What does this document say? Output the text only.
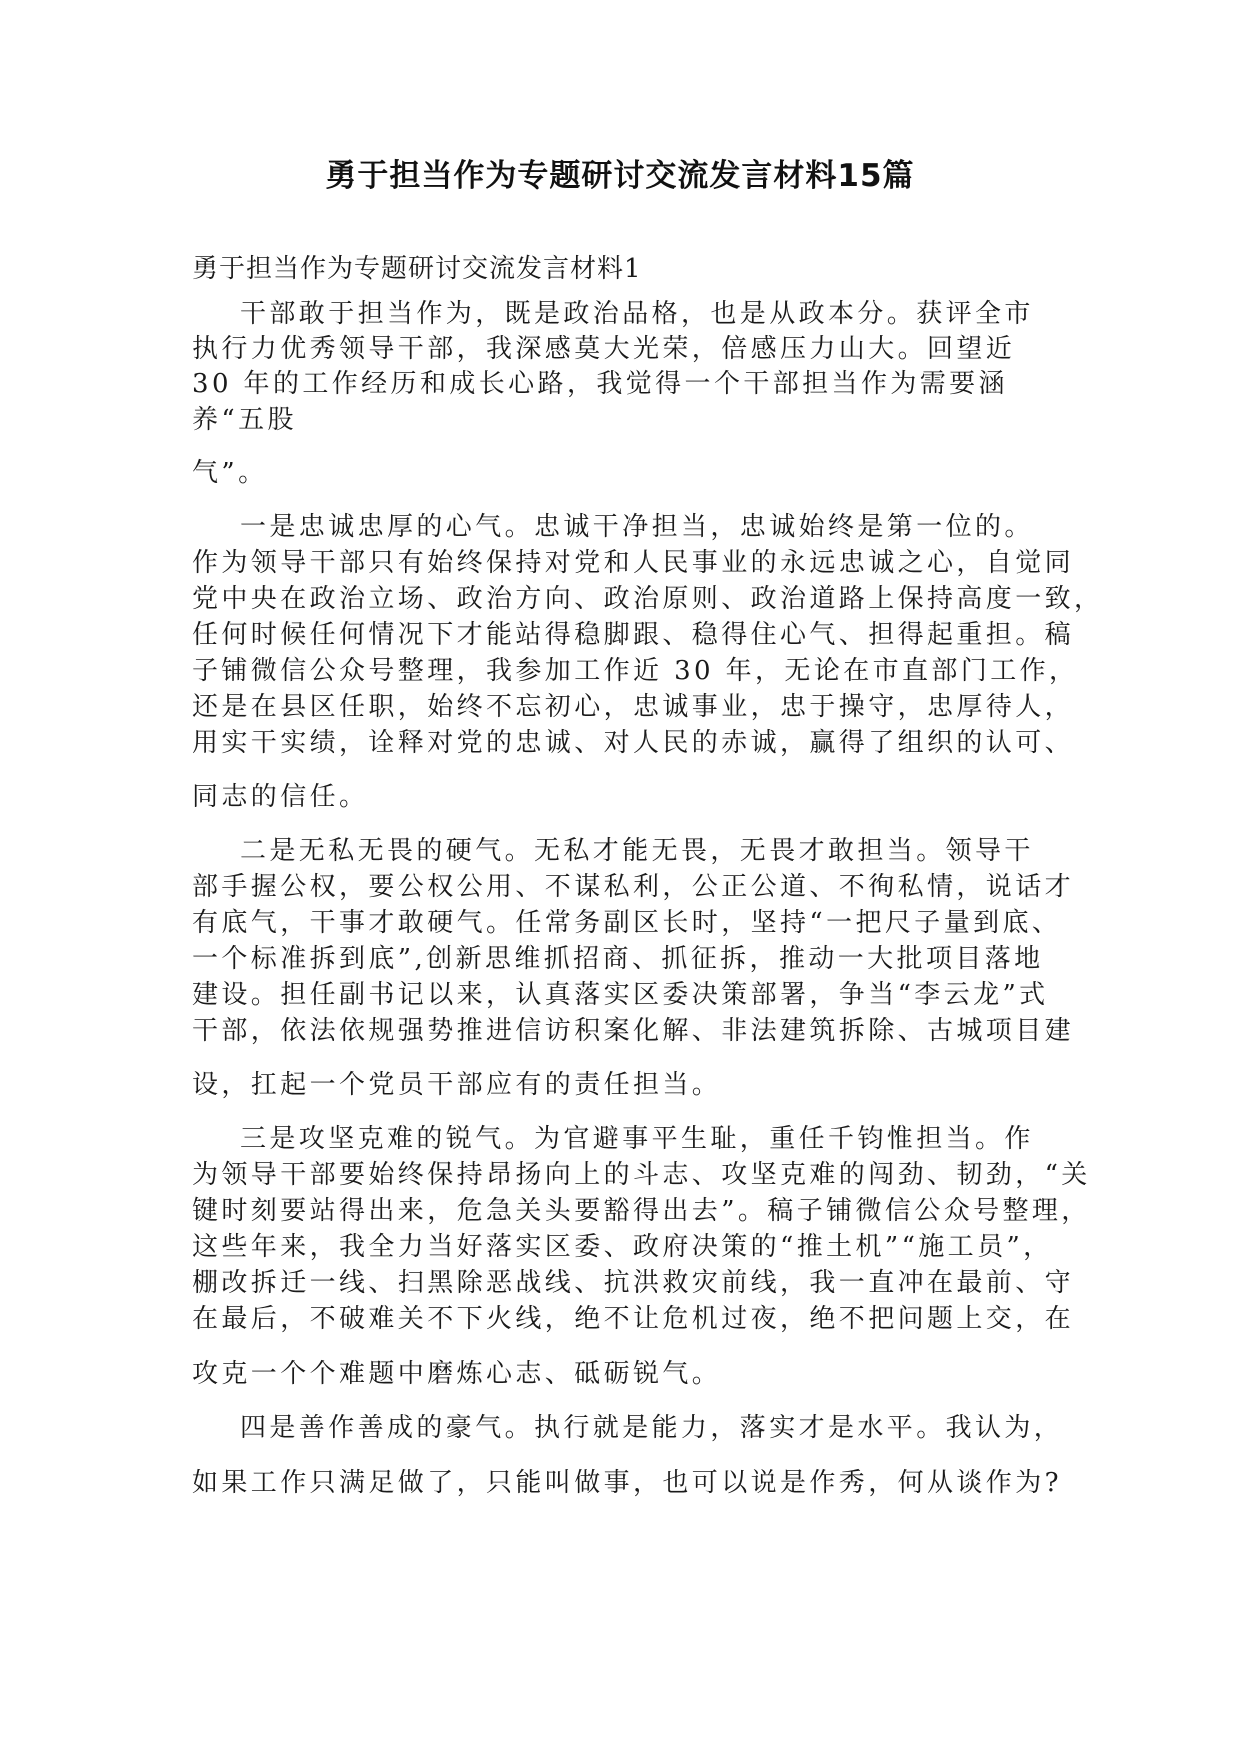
勇于担当作为专题研讨交流发言材料15篇

勇于担当作为专题研讨交流发言材料1

干部敢于担当作为，既是政治品格，也是从政本分。获评全市

执行力优秀领导干部，我深感莫大光荣，倍感压力山大。回望近

30 年的工作经历和成长心路，我觉得一个干部担当作为需要涵

养“五股

气”。

一是忠诚忠厚的心气。忠诚干净担当，忠诚始终是第一位的。

作为领导干部只有始终保持对党和人民事业的永远忠诚之心，自觉同

党中央在政治立场、政治方向、政治原则、政治道路上保持高度一致，

任何时候任何情况下才能站得稳脚跟、稳得住心气、担得起重担。稿

子铺微信公众号整理，我参加工作近 30 年，无论在市直部门工作，

还是在县区任职，始终不忘初心，忠诚事业，忠于操守，忠厚待人，

用实干实绩，诠释对党的忠诚、对人民的赤诚，赢得了组织的认可、

同志的信任。

二是无私无畏的硬气。无私才能无畏，无畏才敢担当。领导干

部手握公权，要公权公用、不谋私利，公正公道、不徇私情，说话才

有底气，干事才敢硬气。任常务副区长时，坚持“一把尺子量到底、

一个标准拆到底”,创新思维抓招商、抓征拆，推动一大批项目落地

建设。担任副书记以来，认真落实区委决策部署，争当“李云龙”式

干部，依法依规强势推进信访积案化解、非法建筑拆除、古城项目建

设，扛起一个党员干部应有的责任担当。

三是攻坚克难的锐气。为官避事平生耻，重任千钧惟担当。作

为领导干部要始终保持昂扬向上的斗志、攻坚克难的闯劲、韧劲，“关

键时刻要站得出来，危急关头要豁得出去”。稿子铺微信公众号整理，

这些年来，我全力当好落实区委、政府决策的“推土机”“施工员”，

棚改拆迁一线、扫黑除恶战线、抗洪救灾前线，我一直冲在最前、守

在最后，不破难关不下火线，绝不让危机过夜，绝不把问题上交，在

攻克一个个难题中磨炼心志、砥砺锐气。

四是善作善成的豪气。执行就是能力，落实才是水平。我认为，

如果工作只满足做了，只能叫做事，也可以说是作秀，何从谈作为?
